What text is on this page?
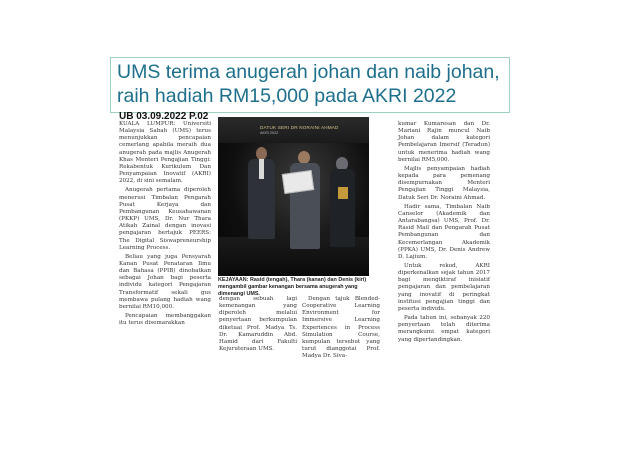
UMS terima anugerah johan dan naib johan,
raih hadiah RM15,000 pada AKRI 2022
UB 03.09.2022 P.02

KUALA LUMPUR: Universiti Malaysia Sabah (UMS) terus menunjukkan pencapaian cemerlang apabila meraih dua anugerah pada majlis Anugerah Khas Menteri Pengajian Tinggi: Rekabentuk Kurikulum Dan Penyampaian Inovatif (AKRI) 2022, di sini semalam.

Anugerah pertama diperoleh menerusi Timbalan Pengarah Pusat Kerjaya dan Pembangunan Keusahawanan (PKKP) UMS, Dr. Nur Thara Atikah Zainal dengan inovasi pengajaran bertajuk PEERS: The Digital Siswapreneurship Learning Process.

Beliau yang juga Pensyarah Kanan Pusat Penataran Ilmu dan Bahasa (PPIB) dinobatkan sebagai Johan bagi peserta individu kategori Pengajaran Transformatif sekali gus membawa pulang hadiah wang bernilai RM10,000.

Pencapaian membanggakan itu terus disemarakkan

DATUK SERI DR NORAINI AHMAD
AKRI 2022
KEJAYAAN: Rasid (tengah), Thara (kanan) dan Denis (kiri) mengambil gambar kenangan bersama anugerah yang dimenangi UMS.

dengan sebuah lagi kemenangan yang diperoleh melalui penyertaan berkumpulan diketuai Prof. Madya Ts. Dr. Kamaruddin Abd. Hamid dari Fakulti Kejuruteraan UMS.

Dengan tajuk Blended-Cooperative Learning Environment for Immersive Learning Experiences in Process Simulation Course, kumpulan tersebut yang turut dianggotai Prof. Madya Dr. Siva-

kumar Kumaresan dan Dr. Mariani Rajin muncul Naib Johan dalam kategori Pembelajaran Imersif (Teradun) untuk menerima hadiah wang bernilai RM5,000.

Majlis penyampaian hadiah kepada para pemenang disempurnakan Menteri Pengajian Tinggi Malaysia, Datuk Seri Dr. Noraini Ahmad.

Hadir sama, Timbalan Naib Canselor (Akademik dan Antarabangsa) UMS, Prof. Dr. Rasid Mail dan Pengarah Pusat Pembangunan dan Kecemerlangan Akademik (PPKA) UMS, Dr. Denis Andrew D. Lajium.

Untuk rekod, AKRI diperkenalkan sejak tahun 2017 bagi mengiktiraf inisiatif pengajaran dan pembelajaran yang inovatif di peringkat institusi pengajian tinggi dan peserta individu.

Pada tahun ini, sebanyak 220 penyertaan telah diterima merangkumi empat kategori yang dipertandingkan.
